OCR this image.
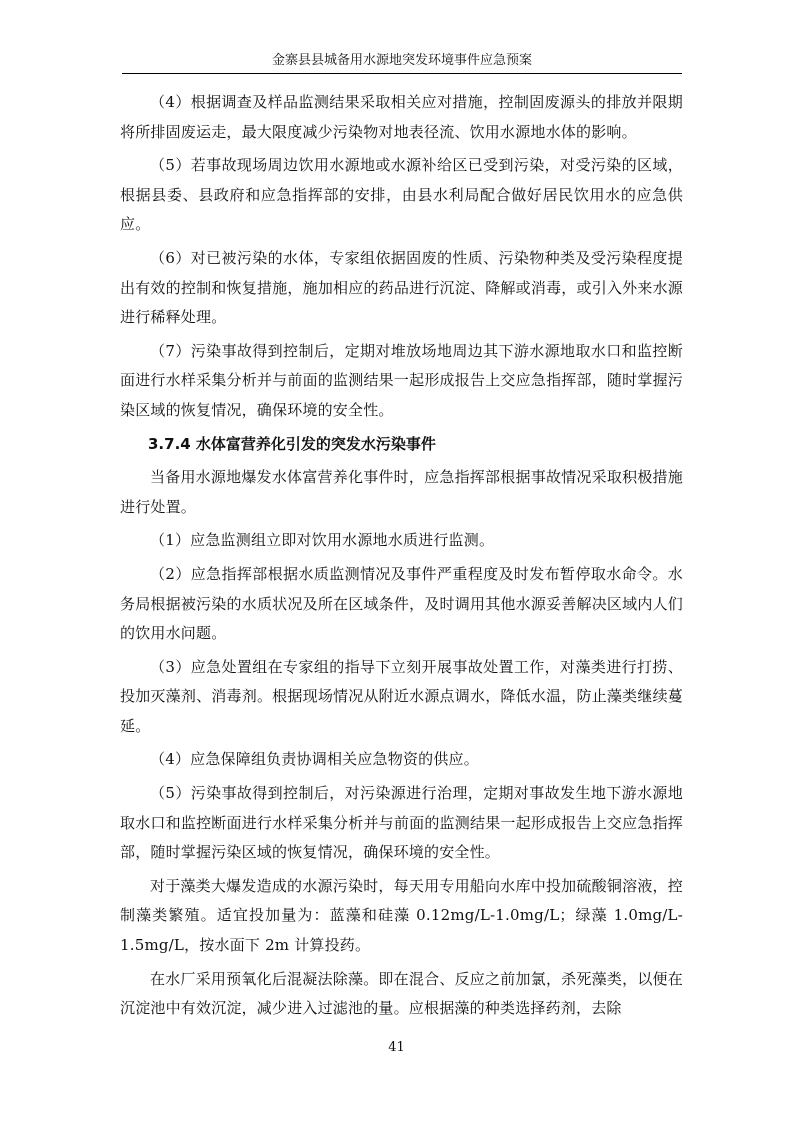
金寨县县城备用水源地突发环境事件应急预案

（4）根据调查及样品监测结果采取相关应对措施，控制固废源头的排放并限期将所排固废运走，最大限度减少污染物对地表径流、饮用水源地水体的影响。

（5）若事故现场周边饮用水源地或水源补给区已受到污染，对受污染的区域，根据县委、县政府和应急指挥部的安排，由县水利局配合做好居民饮用水的应急供应。

（6）对已被污染的水体，专家组依据固废的性质、污染物种类及受污染程度提出有效的控制和恢复措施，施加相应的药品进行沉淀、降解或消毒，或引入外来水源进行稀释处理。

（7）污染事故得到控制后，定期对堆放场地周边其下游水源地取水口和监控断面进行水样采集分析并与前面的监测结果一起形成报告上交应急指挥部，随时掌握污染区域的恢复情况，确保环境的安全性。

3.7.4 水体富营养化引发的突发水污染事件

当备用水源地爆发水体富营养化事件时，应急指挥部根据事故情况采取积极措施进行处置。

（1）应急监测组立即对饮用水源地水质进行监测。

（2）应急指挥部根据水质监测情况及事件严重程度及时发布暂停取水命令。水务局根据被污染的水质状况及所在区域条件，及时调用其他水源妥善解决区域内人们的饮用水问题。

（3）应急处置组在专家组的指导下立刻开展事故处置工作，对藻类进行打捞、投加灭藻剂、消毒剂。根据现场情况从附近水源点调水，降低水温，防止藻类继续蔓延。

（4）应急保障组负责协调相关应急物资的供应。

（5）污染事故得到控制后，对污染源进行治理，定期对事故发生地下游水源地取水口和监控断面进行水样采集分析并与前面的监测结果一起形成报告上交应急指挥部，随时掌握污染区域的恢复情况，确保环境的安全性。

对于藻类大爆发造成的水源污染时，每天用专用船向水库中投加硫酸铜溶液，控制藻类繁殖。适宜投加量为：蓝藻和硅藻 0.12mg/L-1.0mg/L；绿藻 1.0mg/L-1.5mg/L，按水面下 2m 计算投药。

在水厂采用预氧化后混凝法除藻。即在混合、反应之前加氯，杀死藻类，以便在沉淀池中有效沉淀，减少进入过滤池的量。应根据藻的种类选择药剂，去除

41
